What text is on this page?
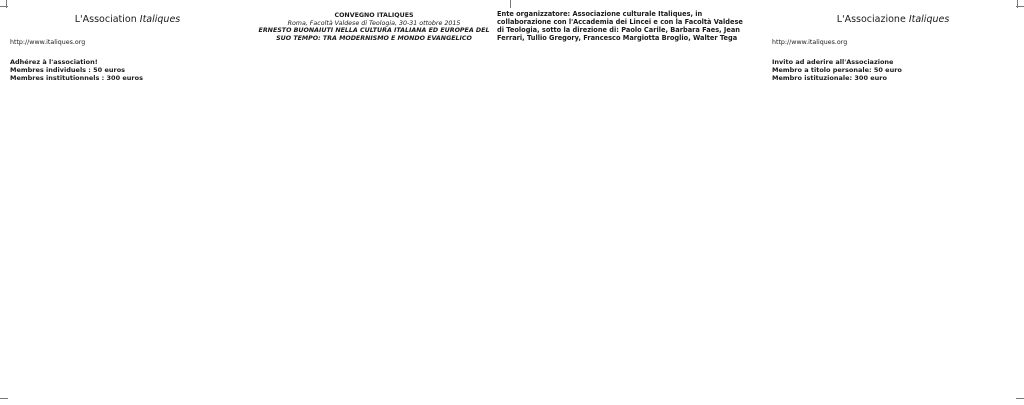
L'Association Italiques

http://www.italiques.org
Adhérez à l'association!
Membres individuels : 50 euros
Membres institutionnels : 300 euros
CONVEGNO ITALIQUES
Roma, Facoltà Valdese di Teologia, 30-31 ottobre 2015
ERNESTO BUONAIUTI NELLA CULTURA ITALIANA ED EUROPEA DEL SUO TEMPO: TRA MODERNISMO E MONDO EVANGELICO
Ente organizzatore: Associazione culturale Italiques, in collaborazione con l'Accademia dei Lincei e con la Facoltà Valdese di Teologia, sotto la direzione di: Paolo Carile, Barbara Faes, Jean Ferrari, Tullio Gregory, Francesco Margiotta Broglio, Walter Tega
L'Associazione Italiques

http://www.italiques.org
Invito ad aderire all'Associazione
Membro a titolo personale: 50 euro
Membro istituzionale: 300 euro
